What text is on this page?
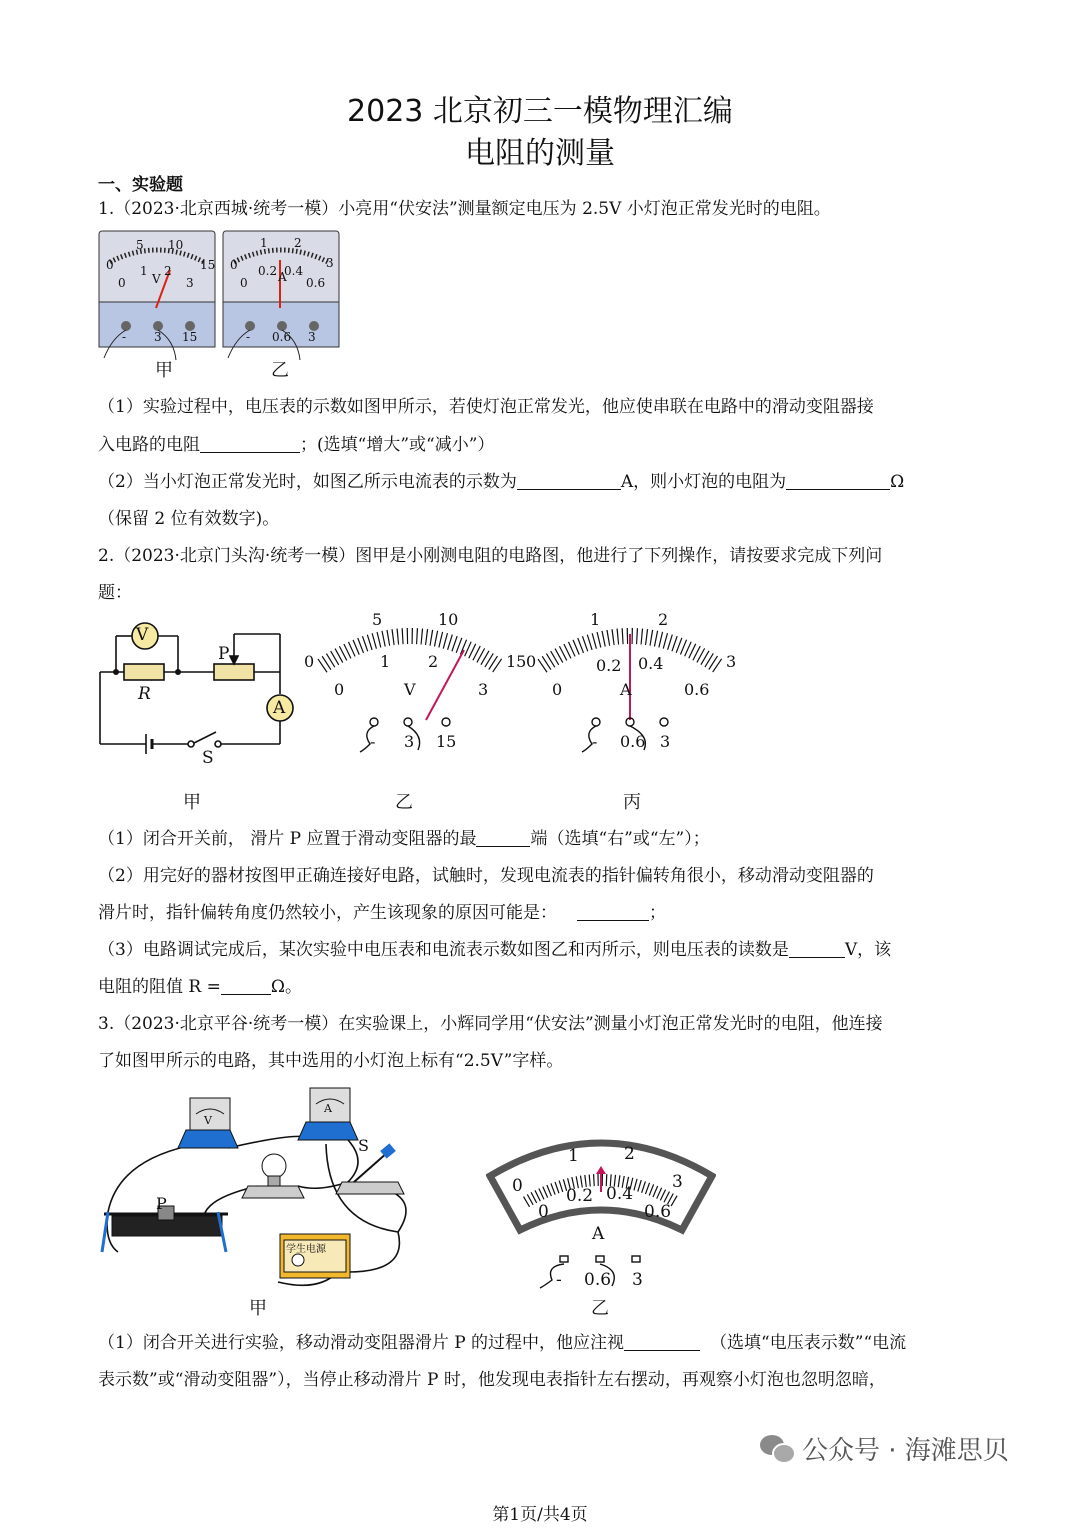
2023 北京初三一模物理汇编
电阻的测量
一、实验题
1.（2023·北京西城·统考一模）小亮用“伏安法”测量额定电压为 2.5V 小灯泡正常发光时的电阻。
0
5 10
15
0
1 2
3
V
- 3 15
0
1 2
3
0
0.2 0.4
0.6
A
- 0.6 3
甲	乙
（1）实验过程中，电压表的示数如图甲所示，若使灯泡正常发光，他应使串联在电路中的滑动变阻器接
入电路的电阻	；(选填“增大”或“减小”）
（2）当小灯泡正常发光时，如图乙所示电流表的示数为	A，则小灯泡的电阻为	Ω
（保留 2 位有效数字)。
2.（2023·北京门头沟·统考一模）图甲是小刚测电阻的电路图，他进行了下列操作，请按要求完成下列问
题：
V
A
P
R
S
0
5	10
15
0
1 2
3
V
- 3 15
0
1	2
3
0
0.2 0.4
0.6
A
- 0.6 3
甲	乙	丙
（1）闭合开关前， 滑片 P 应置于滑动变阻器的最	端（选填“右”或“左”）；
（2）用完好的器材按图甲正确连接好电路，试触时，发现电流表的指针偏转角很小，移动滑动变阻器的
滑片时，指针偏转角度仍然较小，产生该现象的原因可能是：	；
（3）电路调试完成后，某次实验中电压表和电流表示数如图乙和丙所示，则电压表的读数是	V，该
电阻的阻值 R =	Ω。
3.（2023·北京平谷·统考一模）在实验课上，小辉同学用“伏安法”测量小灯泡正常发光时的电阻，他连接
了如图甲所示的电路，其中选用的小灯泡上标有“2.5V”字样。
V
A
S
P
学生电源
甲
0
1	2
3
0
0.2 0.4
0.6
A
- 0.6 3
乙
（1）闭合开关进行实验，移动滑动变阻器滑片 P 的过程中，他应注视	（选填“电压表示数”“电流
表示数”或“滑动变阻器”），当停止移动滑片 P 时，他发现电表指针左右摆动，再观察小灯泡也忽明忽暗，
公众号 · 海滩思贝
第1页/共4页
